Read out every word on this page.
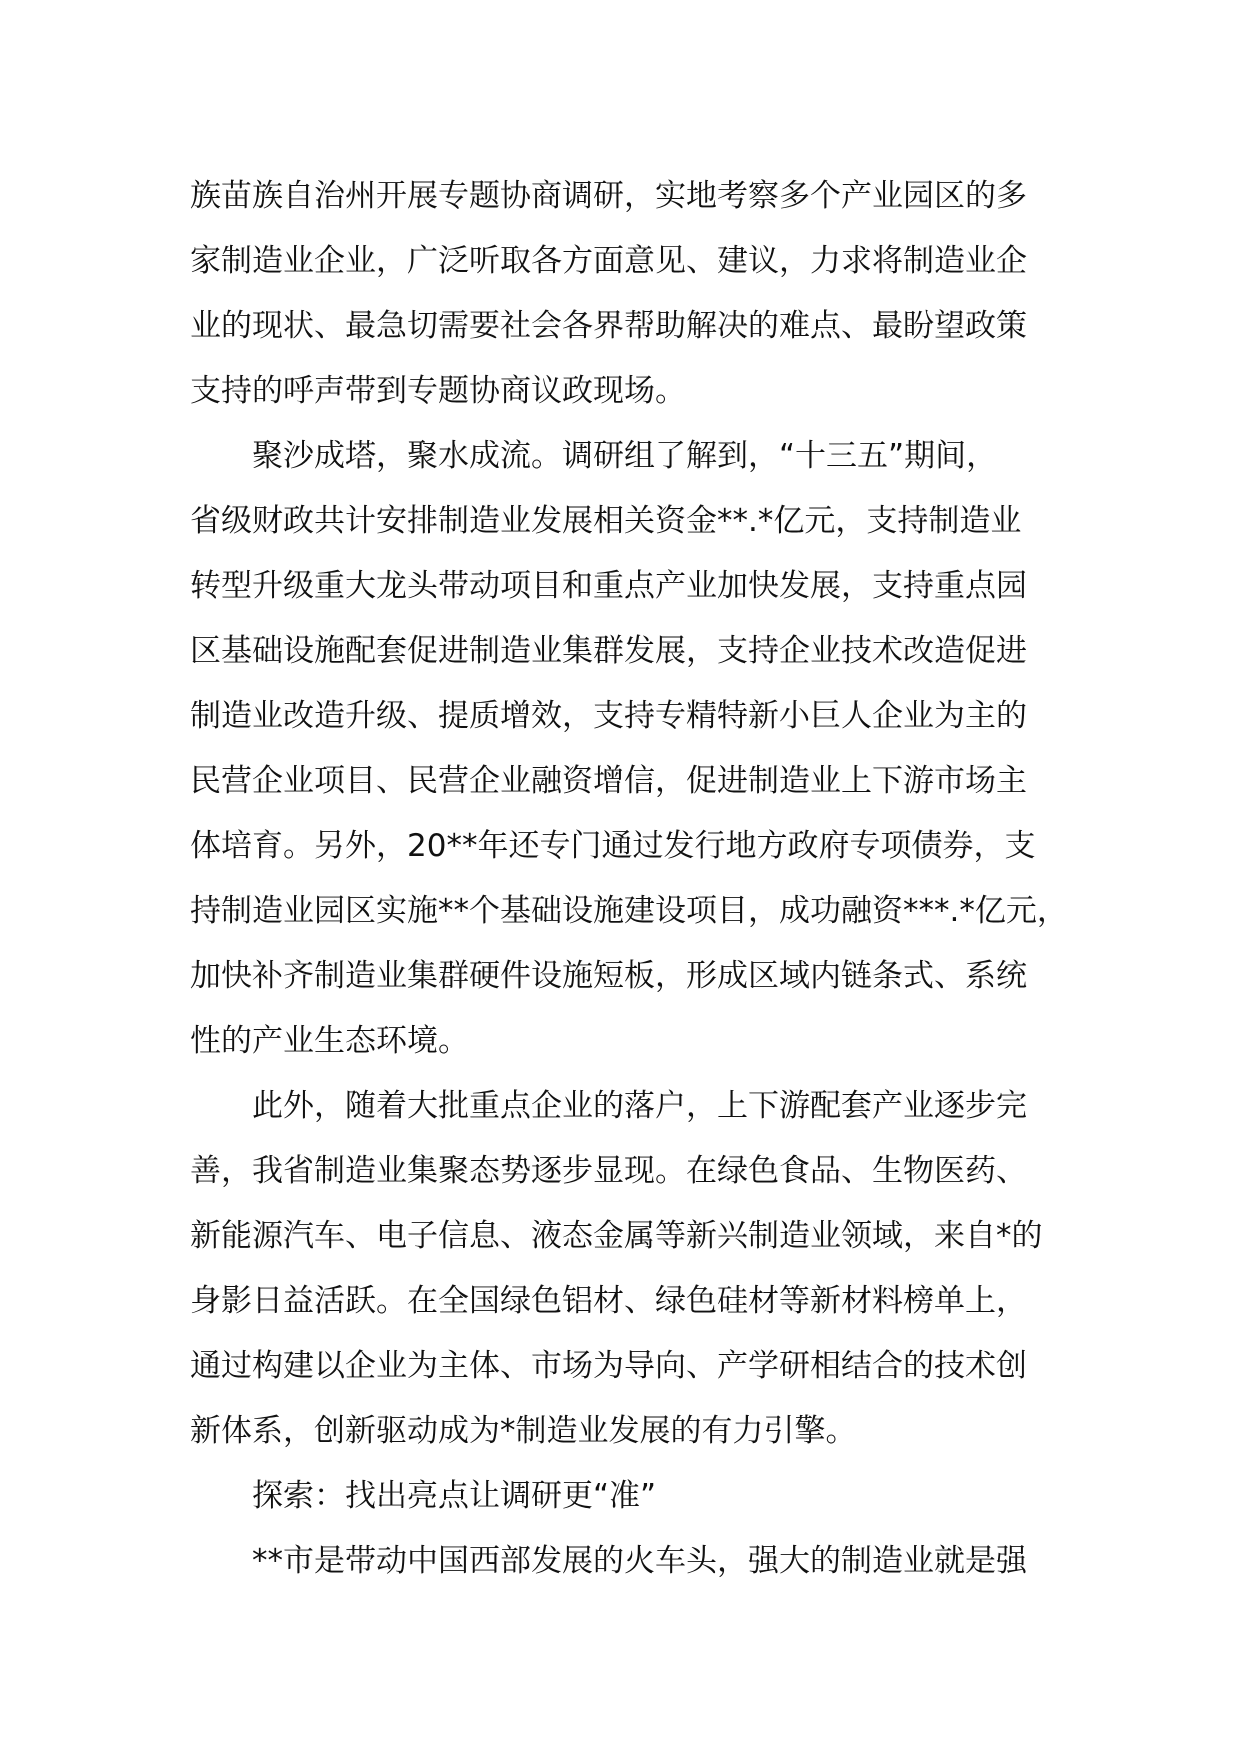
族苗族自治州开展专题协商调研，实地考察多个产业园区的多
家制造业企业，广泛听取各方面意见、建议，力求将制造业企
业的现状、最急切需要社会各界帮助解决的难点、最盼望政策
支持的呼声带到专题协商议政现场。
聚沙成塔，聚水成流。调研组了解到，“十三五”期间，
省级财政共计安排制造业发展相关资金**.*亿元，支持制造业
转型升级重大龙头带动项目和重点产业加快发展，支持重点园
区基础设施配套促进制造业集群发展，支持企业技术改造促进
制造业改造升级、提质增效，支持专精特新小巨人企业为主的
民营企业项目、民营企业融资增信，促进制造业上下游市场主
体培育。另外，20**年还专门通过发行地方政府专项债券，支
持制造业园区实施**个基础设施建设项目，成功融资***.*亿元，
加快补齐制造业集群硬件设施短板，形成区域内链条式、系统
性的产业生态环境。
此外，随着大批重点企业的落户，上下游配套产业逐步完
善，我省制造业集聚态势逐步显现。在绿色食品、生物医药、
新能源汽车、电子信息、液态金属等新兴制造业领域，来自*的
身影日益活跃。在全国绿色铝材、绿色硅材等新材料榜单上，
通过构建以企业为主体、市场为导向、产学研相结合的技术创
新体系，创新驱动成为*制造业发展的有力引擎。
探索：找出亮点让调研更“准”
**市是带动中国西部发展的火车头，强大的制造业就是强
